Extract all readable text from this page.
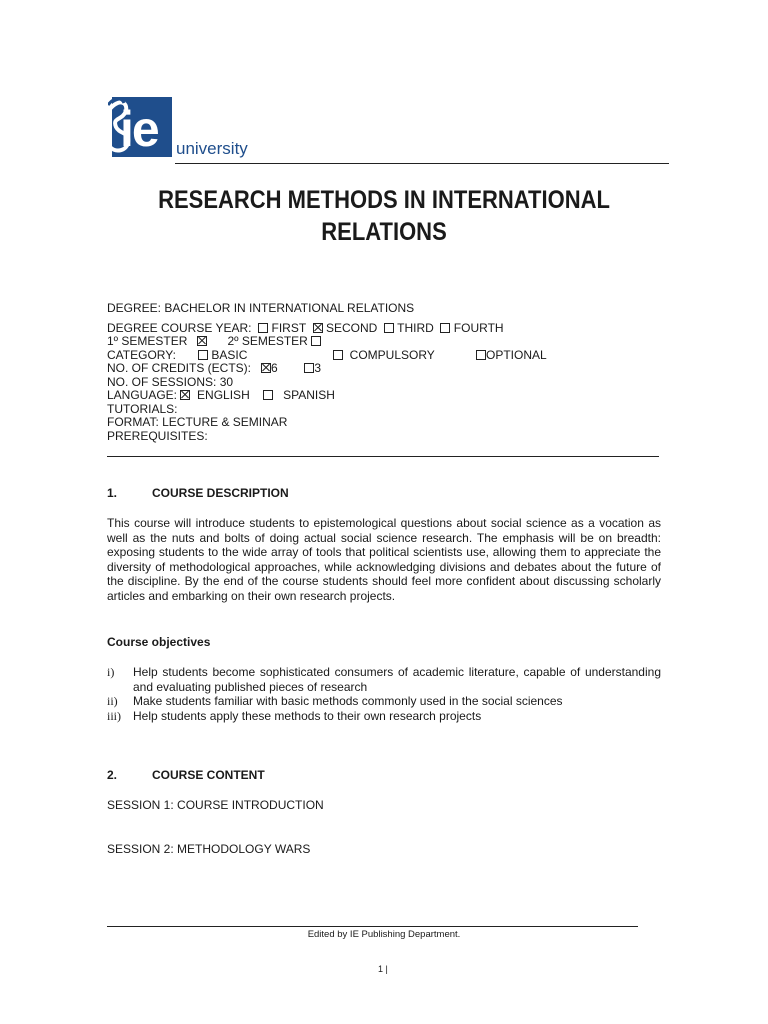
ie university
RESEARCH METHODS IN INTERNATIONAL
RELATIONS
DEGREE: BACHELOR IN INTERNATIONAL RELATIONS
DEGREE COURSE YEAR: FIRST SECOND THIRD FOURTH
1º SEMESTER	2º SEMESTER
CATEGORY:	BASIC	COMPULSORY	OPTIONAL
NO. OF CREDITS (ECTS): 6	3
NO. OF SESSIONS: 30
LANGUAGE: ENGLISH	SPANISH
TUTORIALS:
FORMAT: LECTURE & SEMINAR
PREREQUISITES:
1.	COURSE DESCRIPTION
This course will introduce students to epistemological questions about social science as a vocation as well as the nuts and bolts of doing actual social science research. The emphasis will be on breadth: exposing students to the wide array of tools that political scientists use, allowing them to appreciate the diversity of methodological approaches, while acknowledging divisions and debates about the future of the discipline. By the end of the course students should feel more confident about discussing scholarly articles and embarking on their own research projects.
Course objectives
i) Help students become sophisticated consumers of academic literature, capable of understanding and evaluating published pieces of research
ii) Make students familiar with basic methods commonly used in the social sciences
iii) Help students apply these methods to their own research projects
2.	COURSE CONTENT
SESSION 1: COURSE INTRODUCTION
SESSION 2: METHODOLOGY WARS
Edited by IE Publishing Department.
1 |
